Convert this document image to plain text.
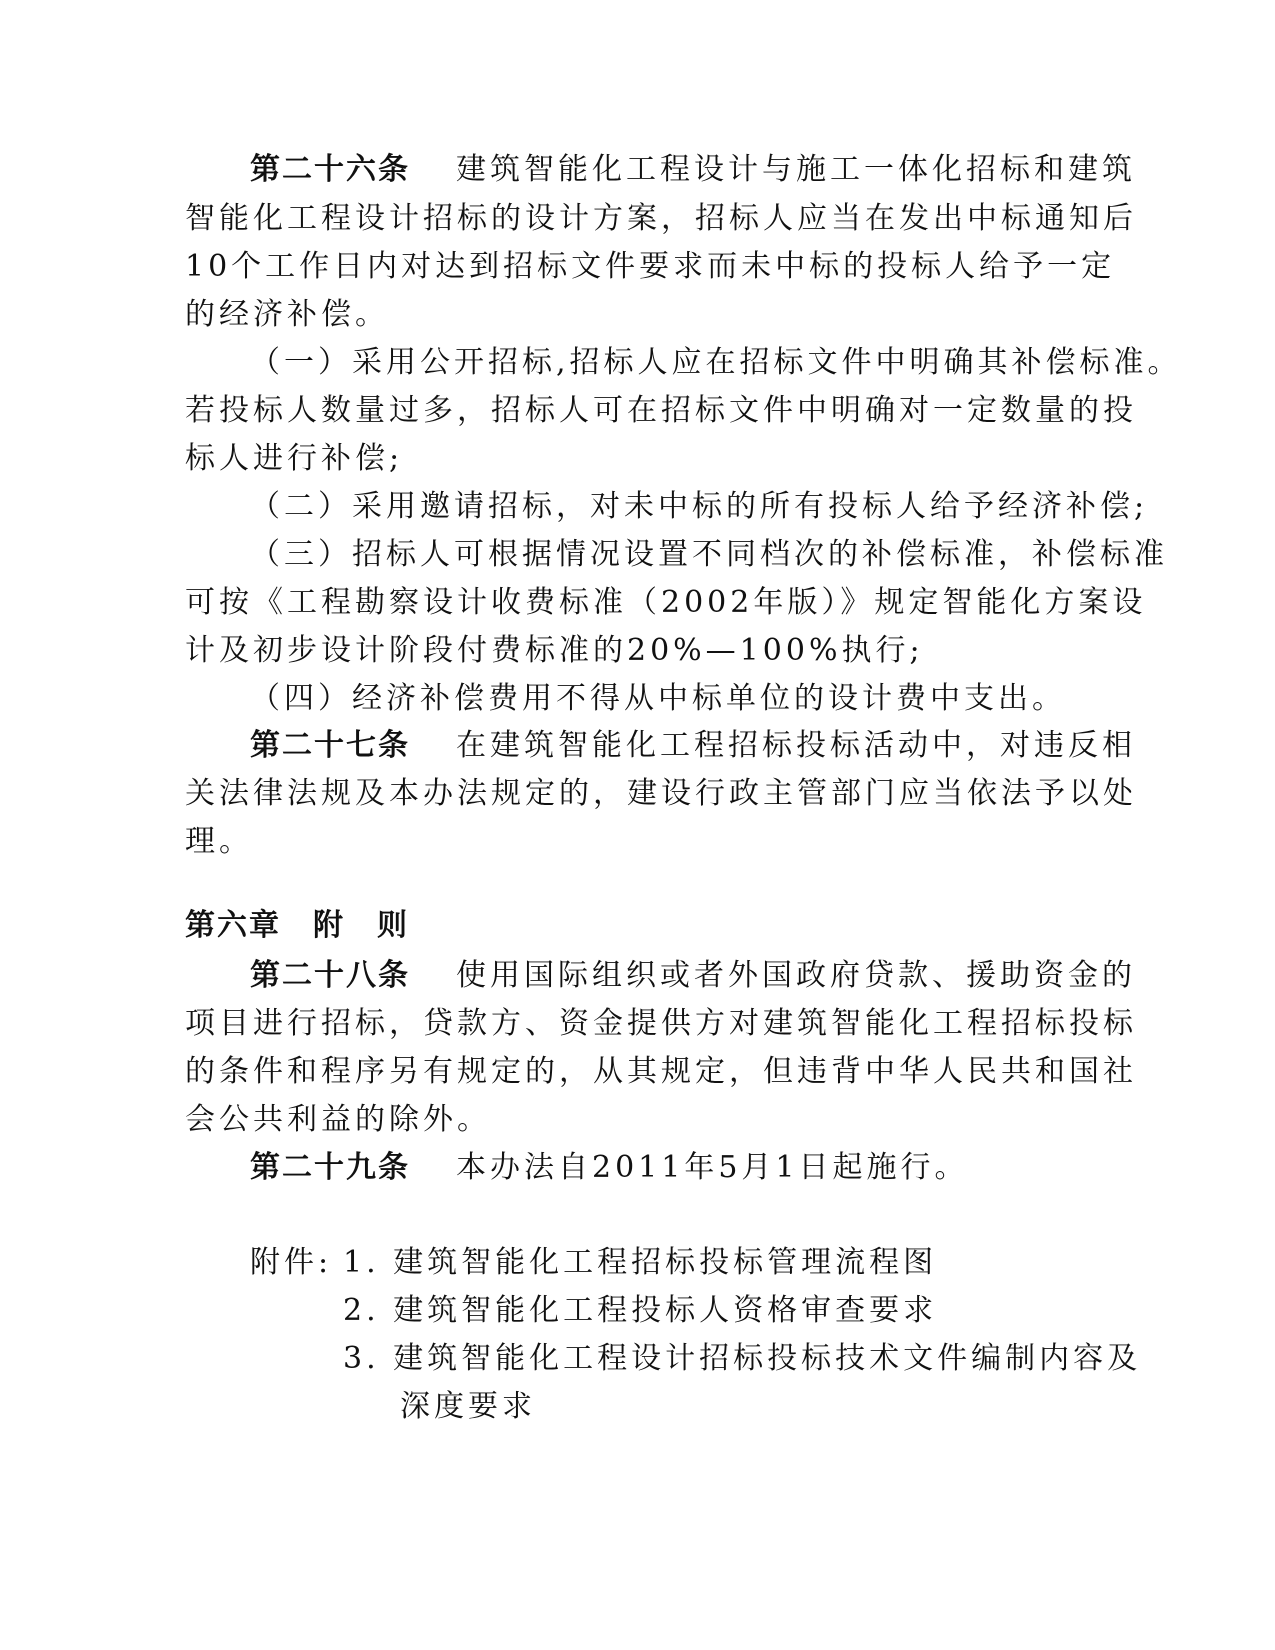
第二十六条 建筑智能化工程设计与施工一体化招标和建筑
智能化工程设计招标的设计方案，招标人应当在发出中标通知后
10个工作日内对达到招标文件要求而未中标的投标人给予一定
的经济补偿。
（一）采用公开招标,招标人应在招标文件中明确其补偿标准。
若投标人数量过多，招标人可在招标文件中明确对一定数量的投
标人进行补偿;
（二）采用邀请招标，对未中标的所有投标人给予经济补偿;
（三）招标人可根据情况设置不同档次的补偿标准，补偿标准
可按《工程勘察设计收费标准（2002年版）》规定智能化方案设
计及初步设计阶段付费标准的20%—100%执行;
（四）经济补偿费用不得从中标单位的设计费中支出。
第二十七条 在建筑智能化工程招标投标活动中，对违反相
关法律法规及本办法规定的，建设行政主管部门应当依法予以处
理。
第六章　附　则
第二十八条 使用国际组织或者外国政府贷款、援助资金的
项目进行招标，贷款方、资金提供方对建筑智能化工程招标投标
的条件和程序另有规定的，从其规定，但违背中华人民共和国社
会公共利益的除外。
第二十九条 本办法自2011年5月1日起施行。
附件: 1. 建筑智能化工程招标投标管理流程图
2. 建筑智能化工程投标人资格审查要求
3. 建筑智能化工程设计招标投标技术文件编制内容及
深度要求
